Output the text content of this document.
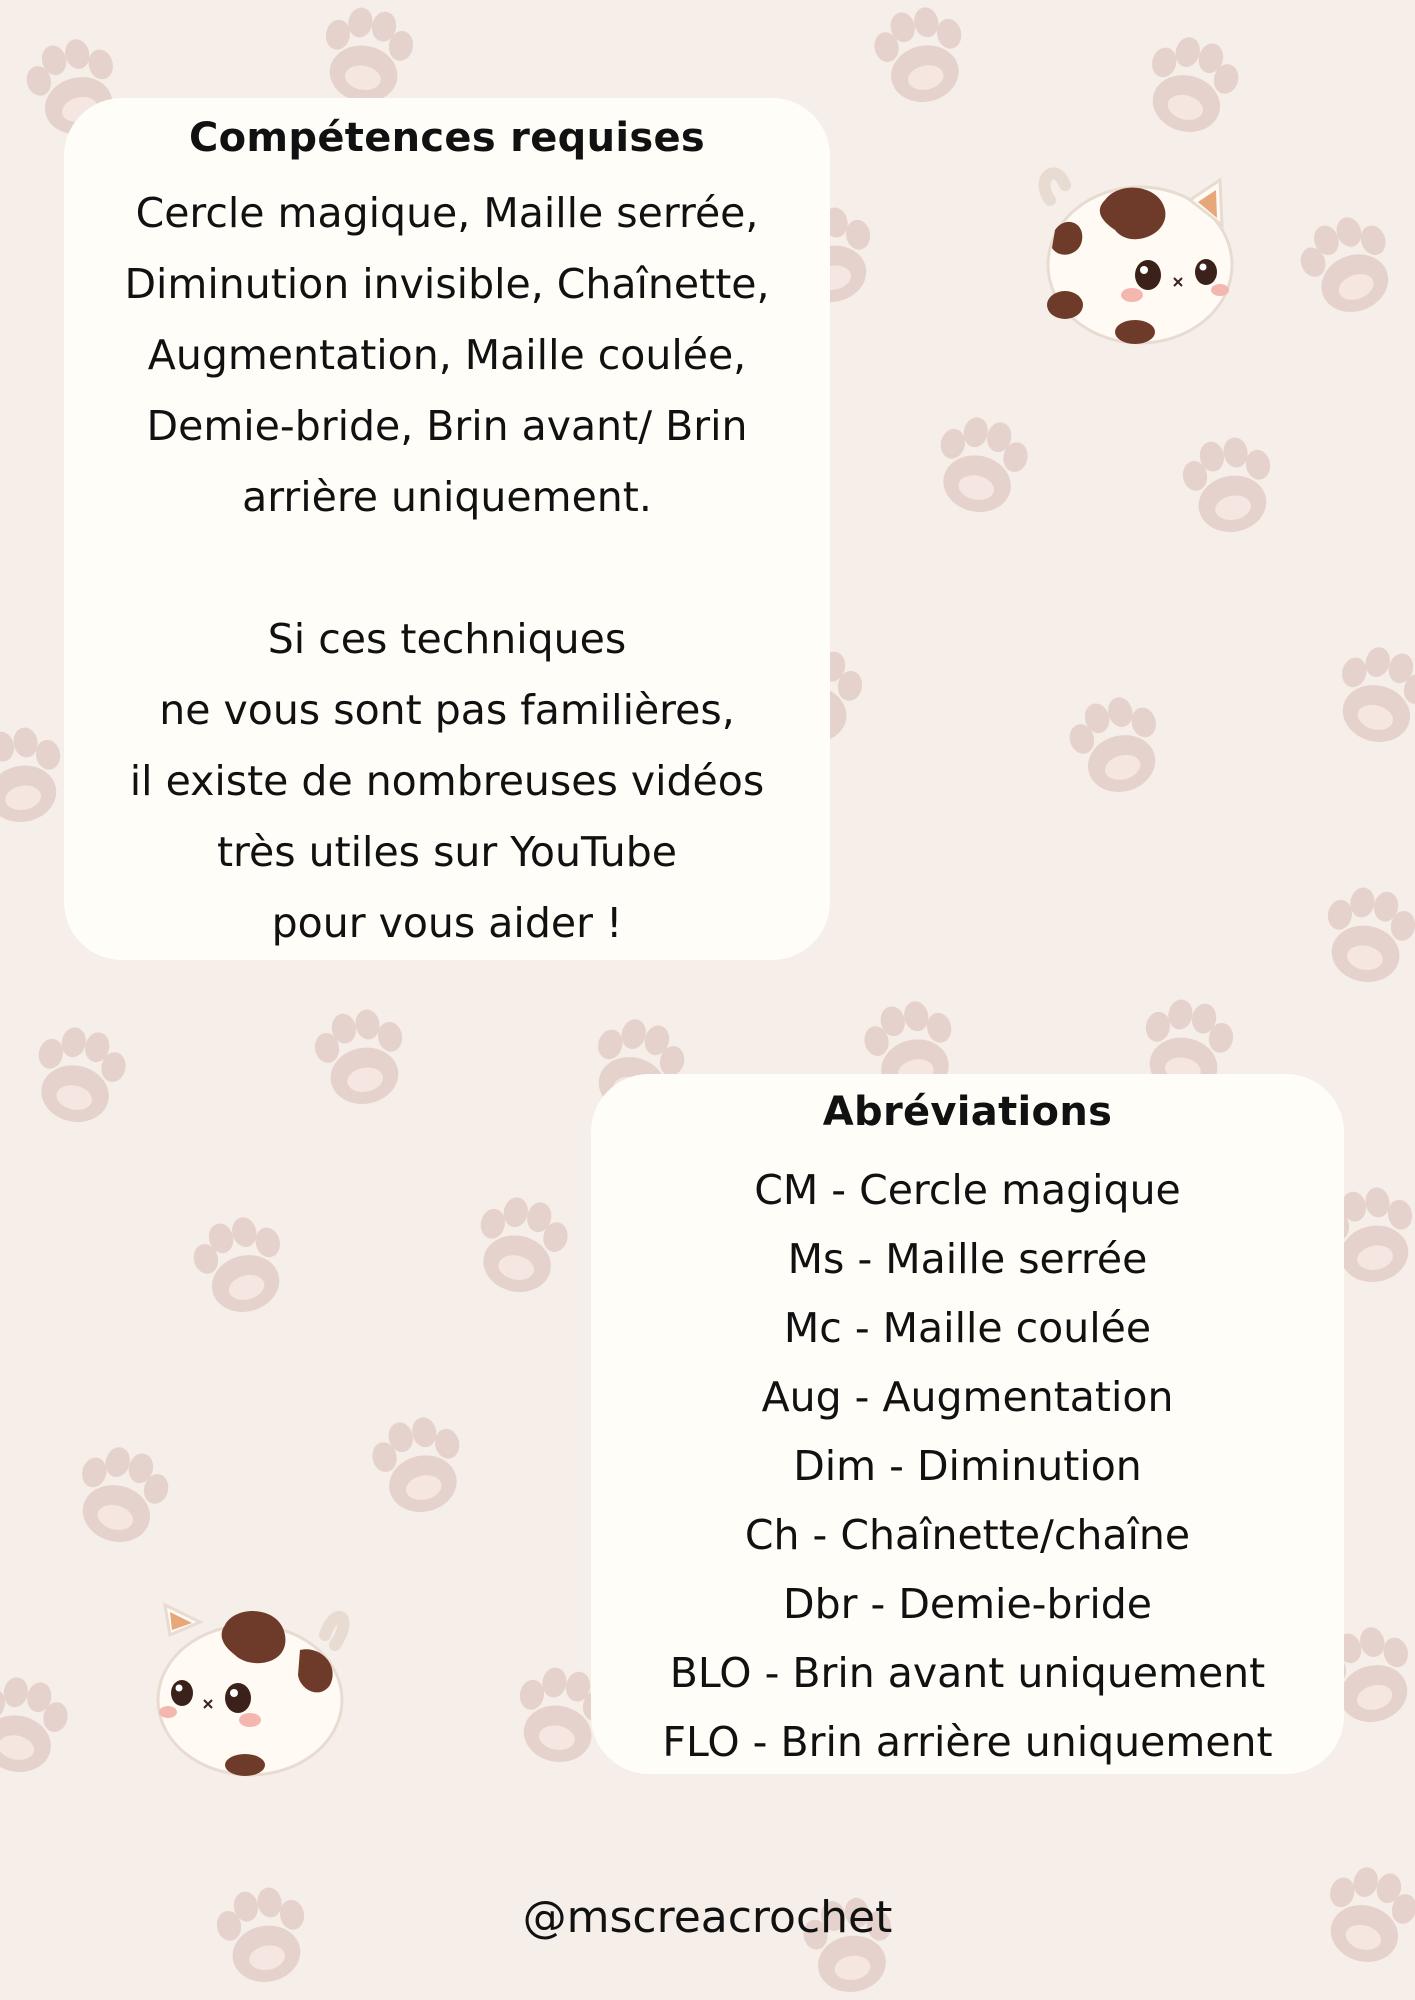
Compétences requises
Cercle magique, Maille serrée,
Diminution invisible, Chaînette,
Augmentation, Maille coulée,
Demie-bride, Brin avant/ Brin
arrière uniquement.
Si ces techniques
ne vous sont pas familières,
il existe de nombreuses vidéos
très utiles sur YouTube
pour vous aider !
Abréviations
CM - Cercle magique
Ms - Maille serrée
Mc - Maille coulée
Aug - Augmentation
Dim - Diminution
Ch - Chaînette/chaîne
Dbr - Demie-bride
BLO - Brin avant uniquement
FLO - Brin arrière uniquement
@mscreacrochet
